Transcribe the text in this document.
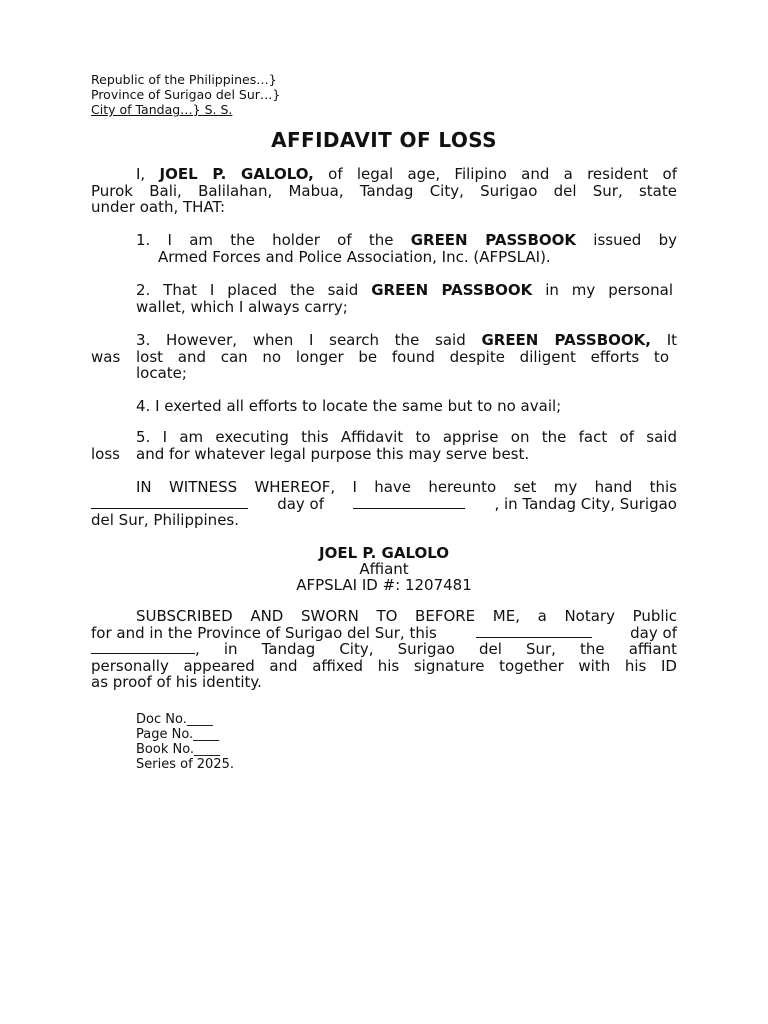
Republic of the Philippines…}
Province of Surigao del Sur…}
City of Tandag…} S. S.
AFFIDAVIT OF LOSS
I, JOEL P. GALOLO, of legal age, Filipino and a resident of
Purok Bali, Balilahan, Mabua, Tandag City, Surigao del Sur, state
under oath, THAT:
1. I am the holder of the GREEN PASSBOOK issued by
Armed Forces and Police Association, Inc. (AFPSLAI).
2. That I placed the said GREEN PASSBOOK in my personal
wallet, which I always carry;
3. However, when I search the said GREEN PASSBOOK, It
was	lost and can no longer be found despite diligent efforts to
locate;
4. I exerted all efforts to locate the same but to no avail;
5. I am executing this Affidavit to apprise on the fact of said
loss	and for whatever legal purpose this may serve best.
IN WITNESS WHEREOF, I have hereunto set my hand this
day of	, in Tandag City, Surigao
del Sur, Philippines.
JOEL P. GALOLO
Affiant
AFPSLAI ID #: 1207481
SUBSCRIBED AND SWORN TO BEFORE ME, a Notary Public
for and in the Province of Surigao del Sur, this	day of
, in Tandag City, Surigao del Sur, the affiant
personally appeared and affixed his signature together with his ID
as proof of his identity.
Doc No.____
Page No.____
Book No.____
Series of 2025.
